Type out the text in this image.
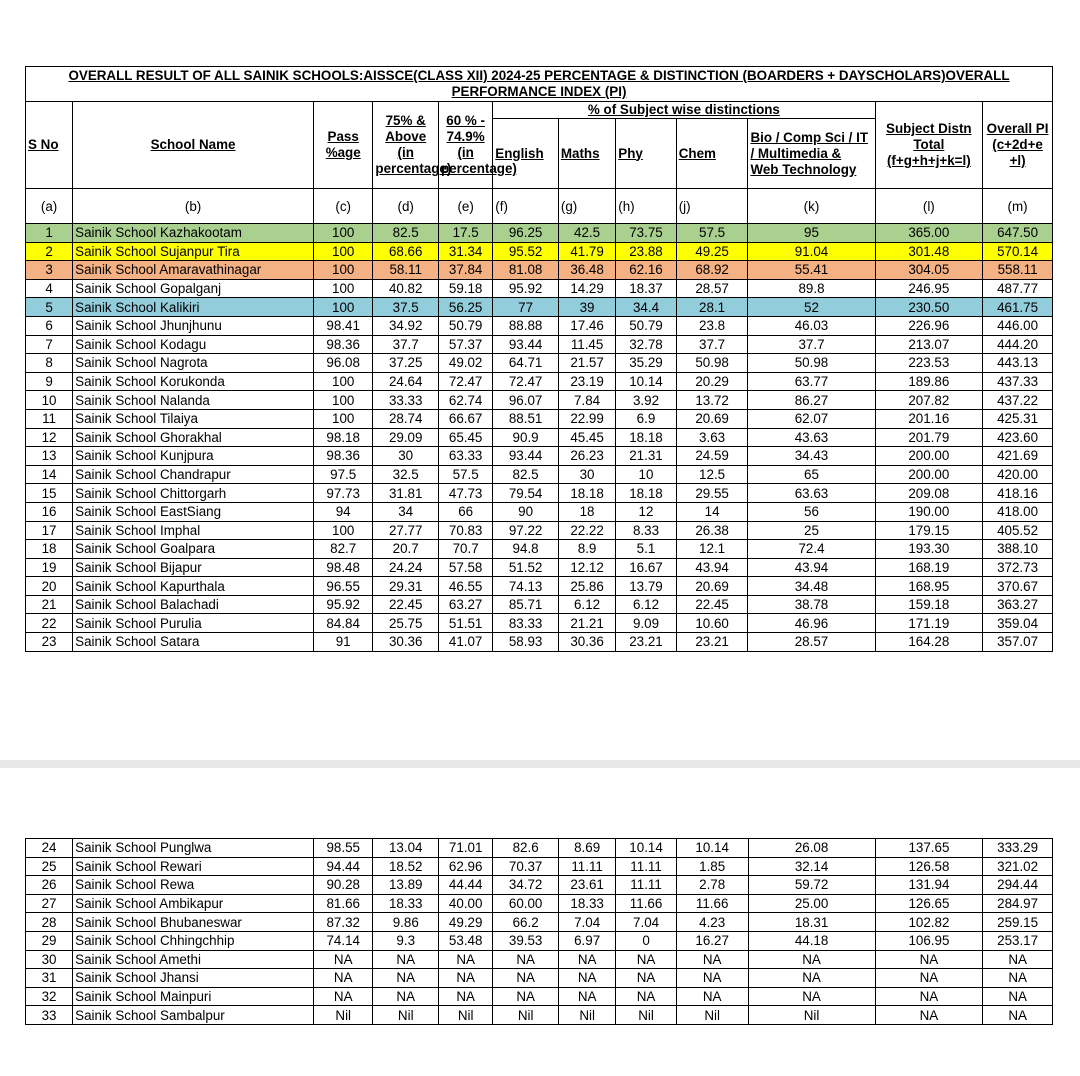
OVERALL RESULT OF ALL SAINIK SCHOOLS:AISSCE(CLASS XII) 2024-25 PERCENTAGE & DISTINCTION (BOARDERS + DAYSCHOLARS)OVERALL PERFORMANCE INDEX (PI)											
S No	School Name	Pass %age	75% & Above (in percentage)	60 % - 74.9% (in percentage)	% of Subject wise distinctions					Subject Distn Total (f+g+h+j+k=l)	Overall PI (c+2d+e +l)
					English	Maths	Phy	Chem	Bio / Comp Sci / IT / Multimedia & Web Technology		
(a)	(b)	(c)	(d)	(e)	(f)	(g)	(h)	(j)	(k)	(l)	(m)
1	Sainik School Kazhakootam	100	82.5	17.5	96.25	42.5	73.75	57.5	95	365.00	647.50
2	Sainik School Sujanpur Tira	100	68.66	31.34	95.52	41.79	23.88	49.25	91.04	301.48	570.14
3	Sainik School Amaravathinagar	100	58.11	37.84	81.08	36.48	62.16	68.92	55.41	304.05	558.11
4	Sainik School Gopalganj	100	40.82	59.18	95.92	14.29	18.37	28.57	89.8	246.95	487.77
5	Sainik School Kalikiri	100	37.5	56.25	77	39	34.4	28.1	52	230.50	461.75
6	Sainik School Jhunjhunu	98.41	34.92	50.79	88.88	17.46	50.79	23.8	46.03	226.96	446.00
7	Sainik School Kodagu	98.36	37.7	57.37	93.44	11.45	32.78	37.7	37.7	213.07	444.20
8	Sainik School Nagrota	96.08	37.25	49.02	64.71	21.57	35.29	50.98	50.98	223.53	443.13
9	Sainik School Korukonda	100	24.64	72.47	72.47	23.19	10.14	20.29	63.77	189.86	437.33
10	Sainik School Nalanda	100	33.33	62.74	96.07	7.84	3.92	13.72	86.27	207.82	437.22
11	Sainik School Tilaiya	100	28.74	66.67	88.51	22.99	6.9	20.69	62.07	201.16	425.31
12	Sainik School Ghorakhal	98.18	29.09	65.45	90.9	45.45	18.18	3.63	43.63	201.79	423.60
13	Sainik School Kunjpura	98.36	30	63.33	93.44	26.23	21.31	24.59	34.43	200.00	421.69
14	Sainik School Chandrapur	97.5	32.5	57.5	82.5	30	10	12.5	65	200.00	420.00
15	Sainik School Chittorgarh	97.73	31.81	47.73	79.54	18.18	18.18	29.55	63.63	209.08	418.16
16	Sainik School EastSiang	94	34	66	90	18	12	14	56	190.00	418.00
17	Sainik School Imphal	100	27.77	70.83	97.22	22.22	8.33	26.38	25	179.15	405.52
18	Sainik School Goalpara	82.7	20.7	70.7	94.8	8.9	5.1	12.1	72.4	193.30	388.10
19	Sainik School Bijapur	98.48	24.24	57.58	51.52	12.12	16.67	43.94	43.94	168.19	372.73
20	Sainik School Kapurthala	96.55	29.31	46.55	74.13	25.86	13.79	20.69	34.48	168.95	370.67
21	Sainik School Balachadi	95.92	22.45	63.27	85.71	6.12	6.12	22.45	38.78	159.18	363.27
22	Sainik School Purulia	84.84	25.75	51.51	83.33	21.21	9.09	10.60	46.96	171.19	359.04
23	Sainik School Satara	91	30.36	41.07	58.93	30.36	23.21	23.21	28.57	164.28	357.07
24	Sainik School Punglwa	98.55	13.04	71.01	82.6	8.69	10.14	10.14	26.08	137.65	333.29
25	Sainik School Rewari	94.44	18.52	62.96	70.37	11.11	11.11	1.85	32.14	126.58	321.02
26	Sainik School Rewa	90.28	13.89	44.44	34.72	23.61	11.11	2.78	59.72	131.94	294.44
27	Sainik School Ambikapur	81.66	18.33	40.00	60.00	18.33	11.66	11.66	25.00	126.65	284.97
28	Sainik School Bhubaneswar	87.32	9.86	49.29	66.2	7.04	7.04	4.23	18.31	102.82	259.15
29	Sainik School Chhingchhip	74.14	9.3	53.48	39.53	6.97	0	16.27	44.18	106.95	253.17
30	Sainik School Amethi	NA	NA	NA	NA	NA	NA	NA	NA	NA	NA
31	Sainik School Jhansi	NA	NA	NA	NA	NA	NA	NA	NA	NA	NA
32	Sainik School Mainpuri	NA	NA	NA	NA	NA	NA	NA	NA	NA	NA
33	Sainik School Sambalpur	Nil	Nil	Nil	Nil	Nil	Nil	Nil	Nil	NA	NA
